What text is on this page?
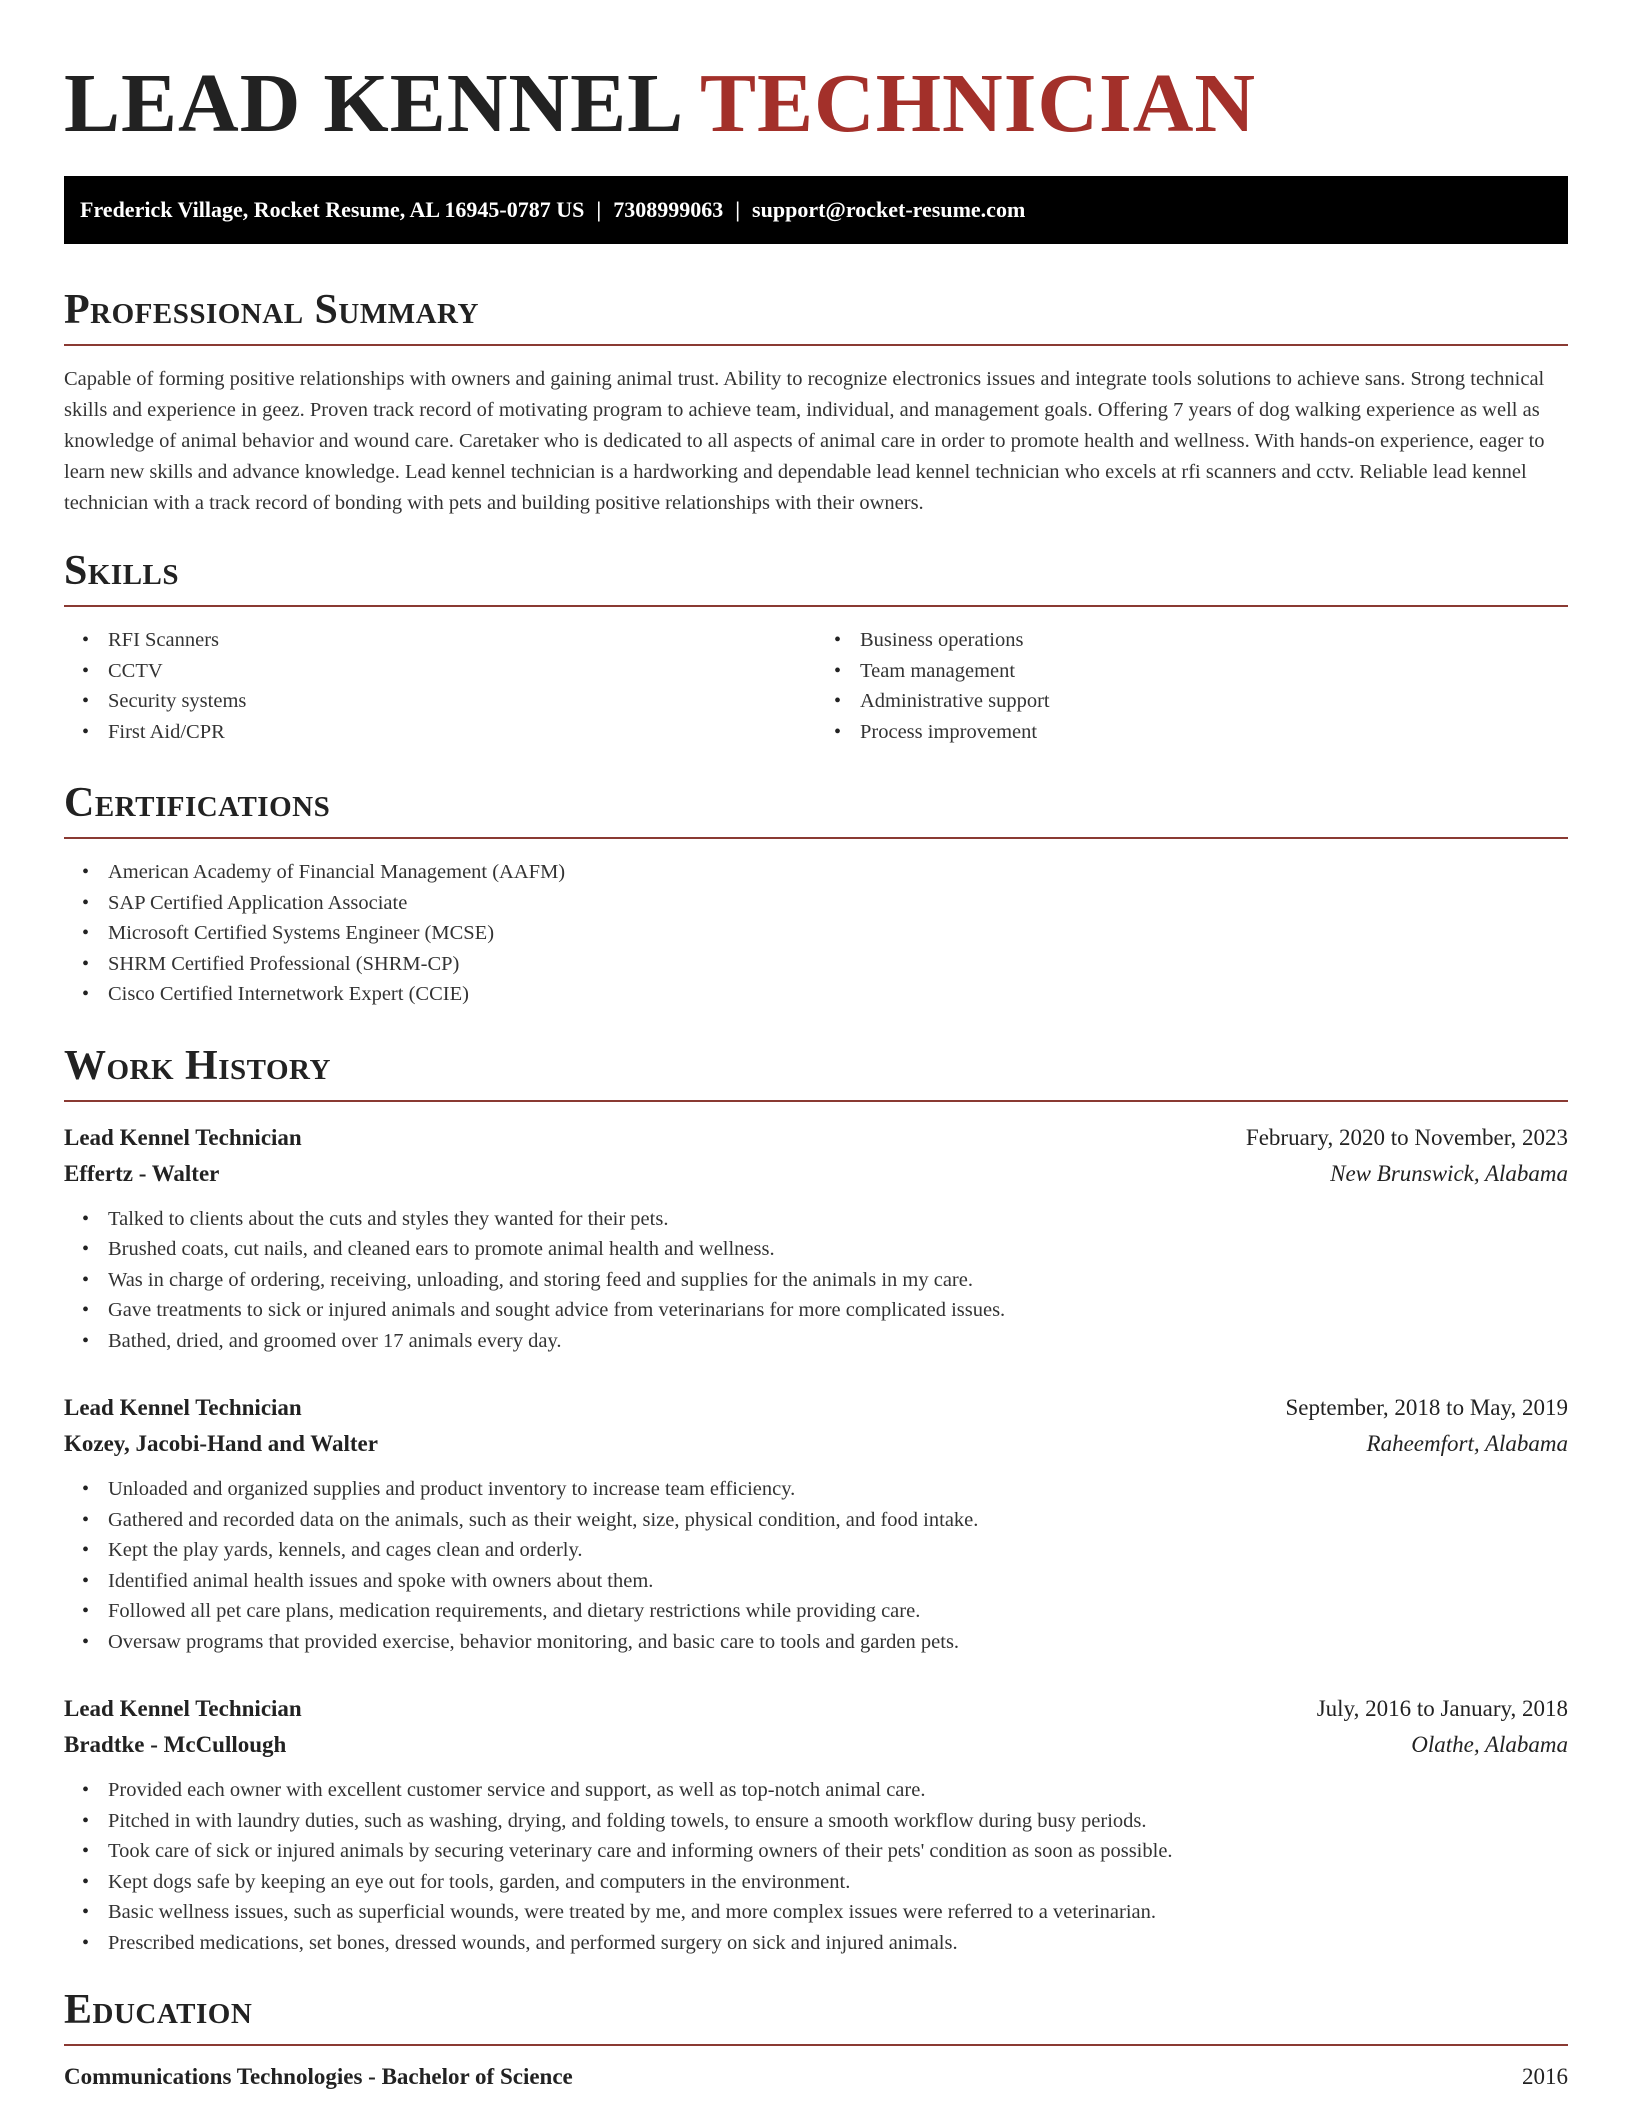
LEAD KENNEL TECHNICIAN
Frederick Village, Rocket Resume, AL 16945-0787 US | 7308999063 | support@rocket-resume.com
Professional Summary

Capable of forming positive relationships with owners and gaining animal trust. Ability to recognize electronics issues and integrate tools solutions to achieve sans. Strong technical skills and experience in geez. Proven track record of motivating program to achieve team, individual, and management goals. Offering 7 years of dog walking experience as well as knowledge of animal behavior and wound care. Caretaker who is dedicated to all aspects of animal care in order to promote health and wellness. With hands-on experience, eager to learn new skills and advance knowledge. Lead kennel technician is a hardworking and dependable lead kennel technician who excels at rfi scanners and cctv. Reliable lead kennel technician with a track record of bonding with pets and building positive relationships with their owners.

Skills
• RFI Scanners
• CCTV
• Security systems
• First Aid/CPR
• Business operations
• Team management
• Administrative support
• Process improvement
Certifications
• American Academy of Financial Management (AAFM)
• SAP Certified Application Associate
• Microsoft Certified Systems Engineer (MCSE)
• SHRM Certified Professional (SHRM-CP)
• Cisco Certified Internetwork Expert (CCIE)
Work History
Lead Kennel Technician	February, 2020 to November, 2023
Effertz - Walter	New Brunswick, Alabama
• Talked to clients about the cuts and styles they wanted for their pets.
• Brushed coats, cut nails, and cleaned ears to promote animal health and wellness.
• Was in charge of ordering, receiving, unloading, and storing feed and supplies for the animals in my care.
• Gave treatments to sick or injured animals and sought advice from veterinarians for more complicated issues.
• Bathed, dried, and groomed over 17 animals every day.
Lead Kennel Technician	September, 2018 to May, 2019
Kozey, Jacobi-Hand and Walter	Raheemfort, Alabama
• Unloaded and organized supplies and product inventory to increase team efficiency.
• Gathered and recorded data on the animals, such as their weight, size, physical condition, and food intake.
• Kept the play yards, kennels, and cages clean and orderly.
• Identified animal health issues and spoke with owners about them.
• Followed all pet care plans, medication requirements, and dietary restrictions while providing care.
• Oversaw programs that provided exercise, behavior monitoring, and basic care to tools and garden pets.
Lead Kennel Technician	July, 2016 to January, 2018
Bradtke - McCullough	Olathe, Alabama
• Provided each owner with excellent customer service and support, as well as top-notch animal care.
• Pitched in with laundry duties, such as washing, drying, and folding towels, to ensure a smooth workflow during busy periods.
• Took care of sick or injured animals by securing veterinary care and informing owners of their pets' condition as soon as possible.
• Kept dogs safe by keeping an eye out for tools, garden, and computers in the environment.
• Basic wellness issues, such as superficial wounds, were treated by me, and more complex issues were referred to a veterinarian.
• Prescribed medications, set bones, dressed wounds, and performed surgery on sick and injured animals.
Education
Communications Technologies - Bachelor of Science	2016
